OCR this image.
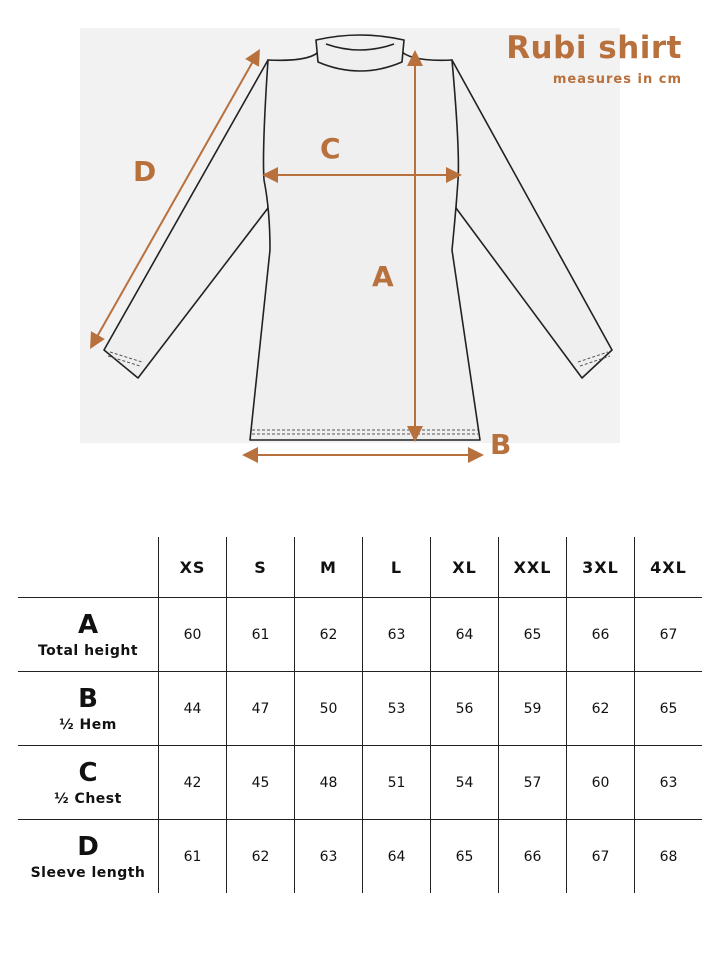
Rubi shirt
measures in cm
A
B
C
D
	XS	S	M	L	XL	XXL	3XL	4XL

A
Total height	60	61	62	63	64	65	66	67

B
½ Hem	44	47	50	53	56	59	62	65

C
½ Chest	42	45	48	51	54	57	60	63

D
Sleeve length	61	62	63	64	65	66	67	68
